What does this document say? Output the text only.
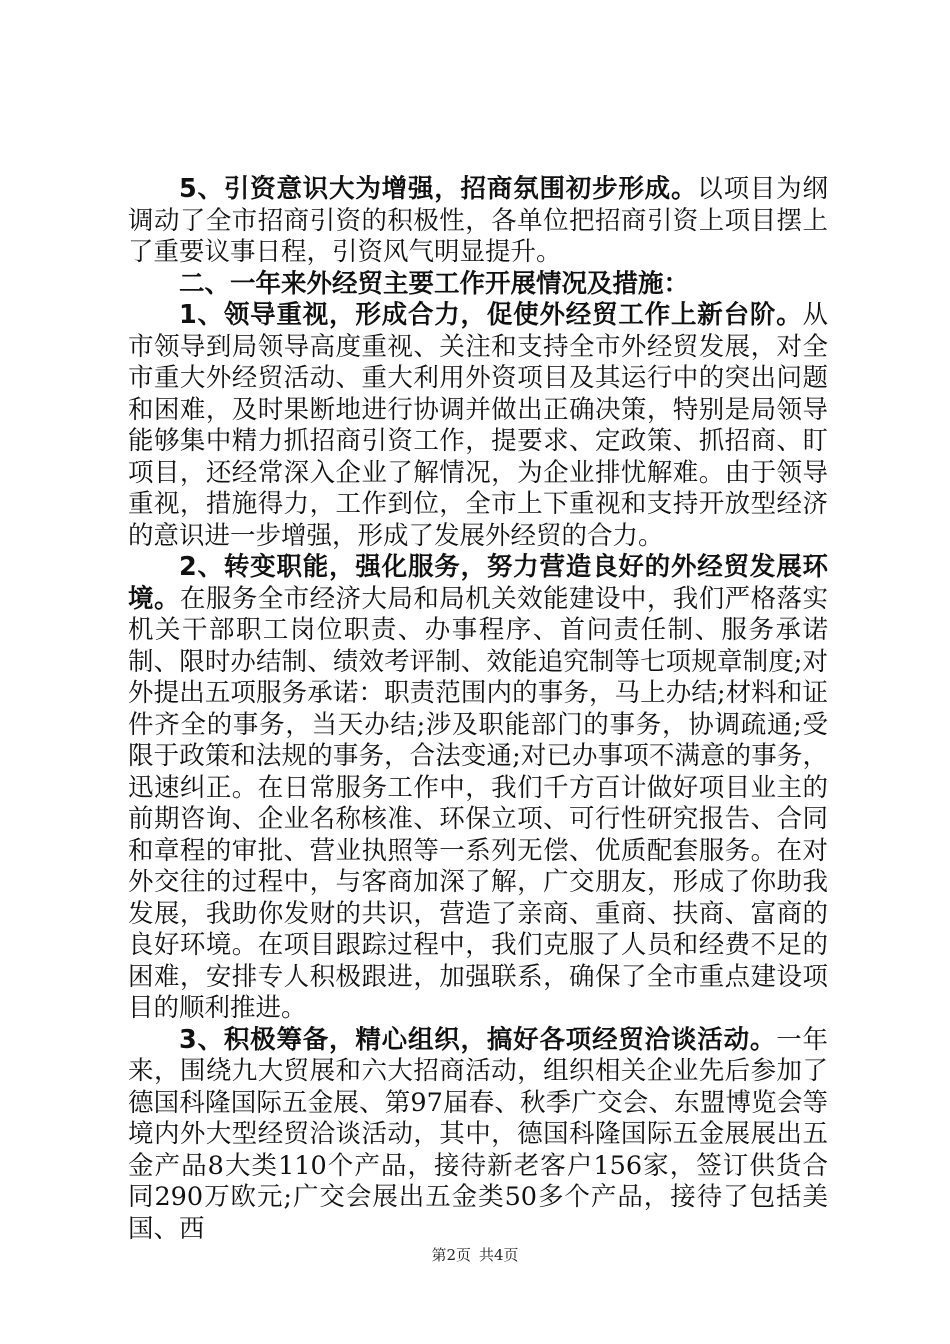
5、引资意识大为增强，招商氛围初步形成。以项目为纲调动了全市招商引资的积极性，各单位把招商引资上项目摆上了重要议事日程，引资风气明显提升。

二、一年来外经贸主要工作开展情况及措施：

1、领导重视，形成合力，促使外经贸工作上新台阶。从市领导到局领导高度重视、关注和支持全市外经贸发展，对全市重大外经贸活动、重大利用外资项目及其运行中的突出问题和困难，及时果断地进行协调并做出正确决策，特别是局领导能够集中精力抓招商引资工作，提要求、定政策、抓招商、盯项目，还经常深入企业了解情况，为企业排忧解难。由于领导重视，措施得力，工作到位，全市上下重视和支持开放型经济的意识进一步增强，形成了发展外经贸的合力。

2、转变职能，强化服务，努力营造良好的外经贸发展环境。在服务全市经济大局和局机关效能建设中，我们严格落实机关干部职工岗位职责、办事程序、首问责任制、服务承诺制、限时办结制、绩效考评制、效能追究制等七项规章制度;对外提出五项服务承诺：职责范围内的事务，马上办结;材料和证件齐全的事务，当天办结;涉及职能部门的事务，协调疏通;受限于政策和法规的事务，合法变通;对已办事项不满意的事务，迅速纠正。在日常服务工作中，我们千方百计做好项目业主的前期咨询、企业名称核准、环保立项、可行性研究报告、合同和章程的审批、营业执照等一系列无偿、优质配套服务。在对外交往的过程中，与客商加深了解，广交朋友，形成了你助我发展，我助你发财的共识，营造了亲商、重商、扶商、富商的良好环境。在项目跟踪过程中，我们克服了人员和经费不足的困难，安排专人积极跟进，加强联系，确保了全市重点建设项目的顺利推进。

3、积极筹备，精心组织，搞好各项经贸洽谈活动。一年来，围绕九大贸展和六大招商活动，组织相关企业先后参加了德国科隆国际五金展、第97届春、秋季广交会、东盟博览会等境内外大型经贸洽谈活动，其中，德国科隆国际五金展展出五金产品8大类110个产品，接待新老客户156家，签订供货合同290万欧元;广交会展出五金类50多个产品，接待了包括美国、西

第2页 共4页
